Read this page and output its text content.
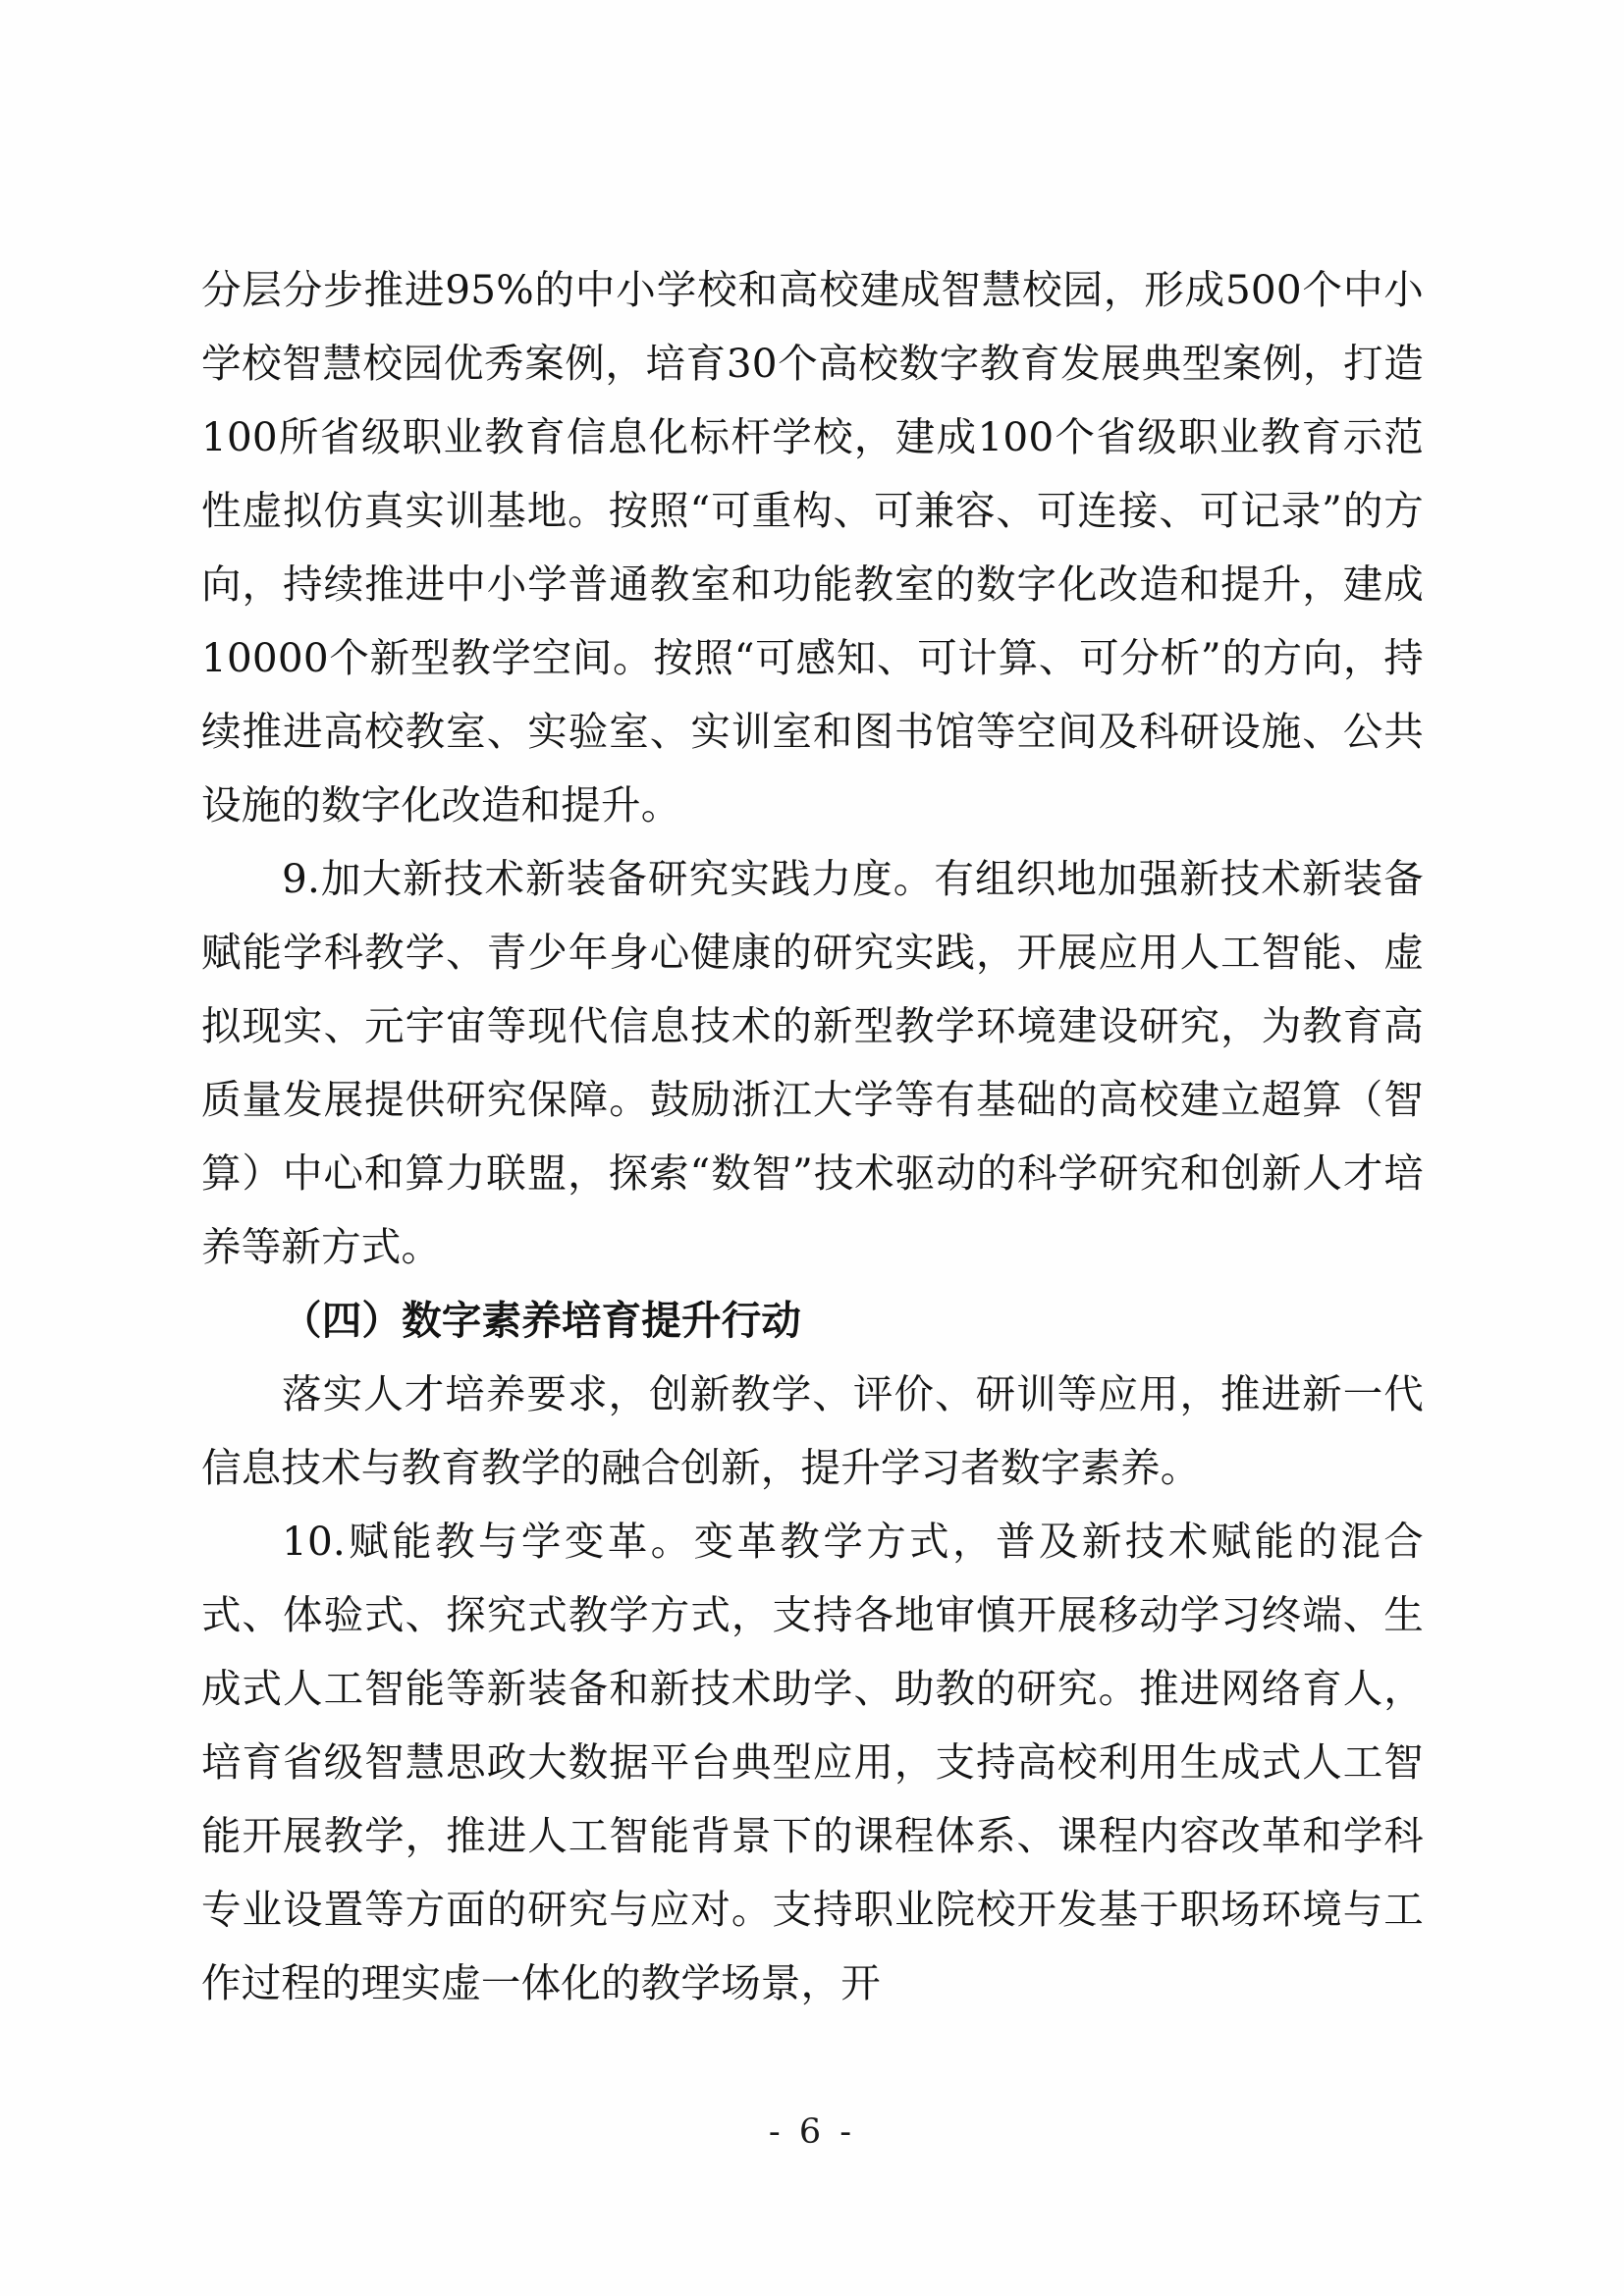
分层分步推进95%的中小学校和高校建成智慧校园，形成500个中小学校智慧校园优秀案例，培育30个高校数字教育发展典型案例，打造100所省级职业教育信息化标杆学校，建成100个省级职业教育示范性虚拟仿真实训基地。按照“可重构、可兼容、可连接、可记录”的方向，持续推进中小学普通教室和功能教室的数字化改造和提升，建成10000个新型教学空间。按照“可感知、可计算、可分析”的方向，持续推进高校教室、实验室、实训室和图书馆等空间及科研设施、公共设施的数字化改造和提升。

9.加大新技术新装备研究实践力度。有组织地加强新技术新装备赋能学科教学、青少年身心健康的研究实践，开展应用人工智能、虚拟现实、元宇宙等现代信息技术的新型教学环境建设研究，为教育高质量发展提供研究保障。鼓励浙江大学等有基础的高校建立超算（智算）中心和算力联盟，探索“数智”技术驱动的科学研究和创新人才培养等新方式。

（四）数字素养培育提升行动

落实人才培养要求，创新教学、评价、研训等应用，推进新一代信息技术与教育教学的融合创新，提升学习者数字素养。

10.赋能教与学变革。变革教学方式，普及新技术赋能的混合式、体验式、探究式教学方式，支持各地审慎开展移动学习终端、生成式人工智能等新装备和新技术助学、助教的研究。推进网络育人，培育省级智慧思政大数据平台典型应用，支持高校利用生成式人工智能开展教学，推进人工智能背景下的课程体系、课程内容改革和学科专业设置等方面的研究与应对。支持职业院校开发基于职场环境与工作过程的理实虚一体化的教学场景，开

- 6 -
